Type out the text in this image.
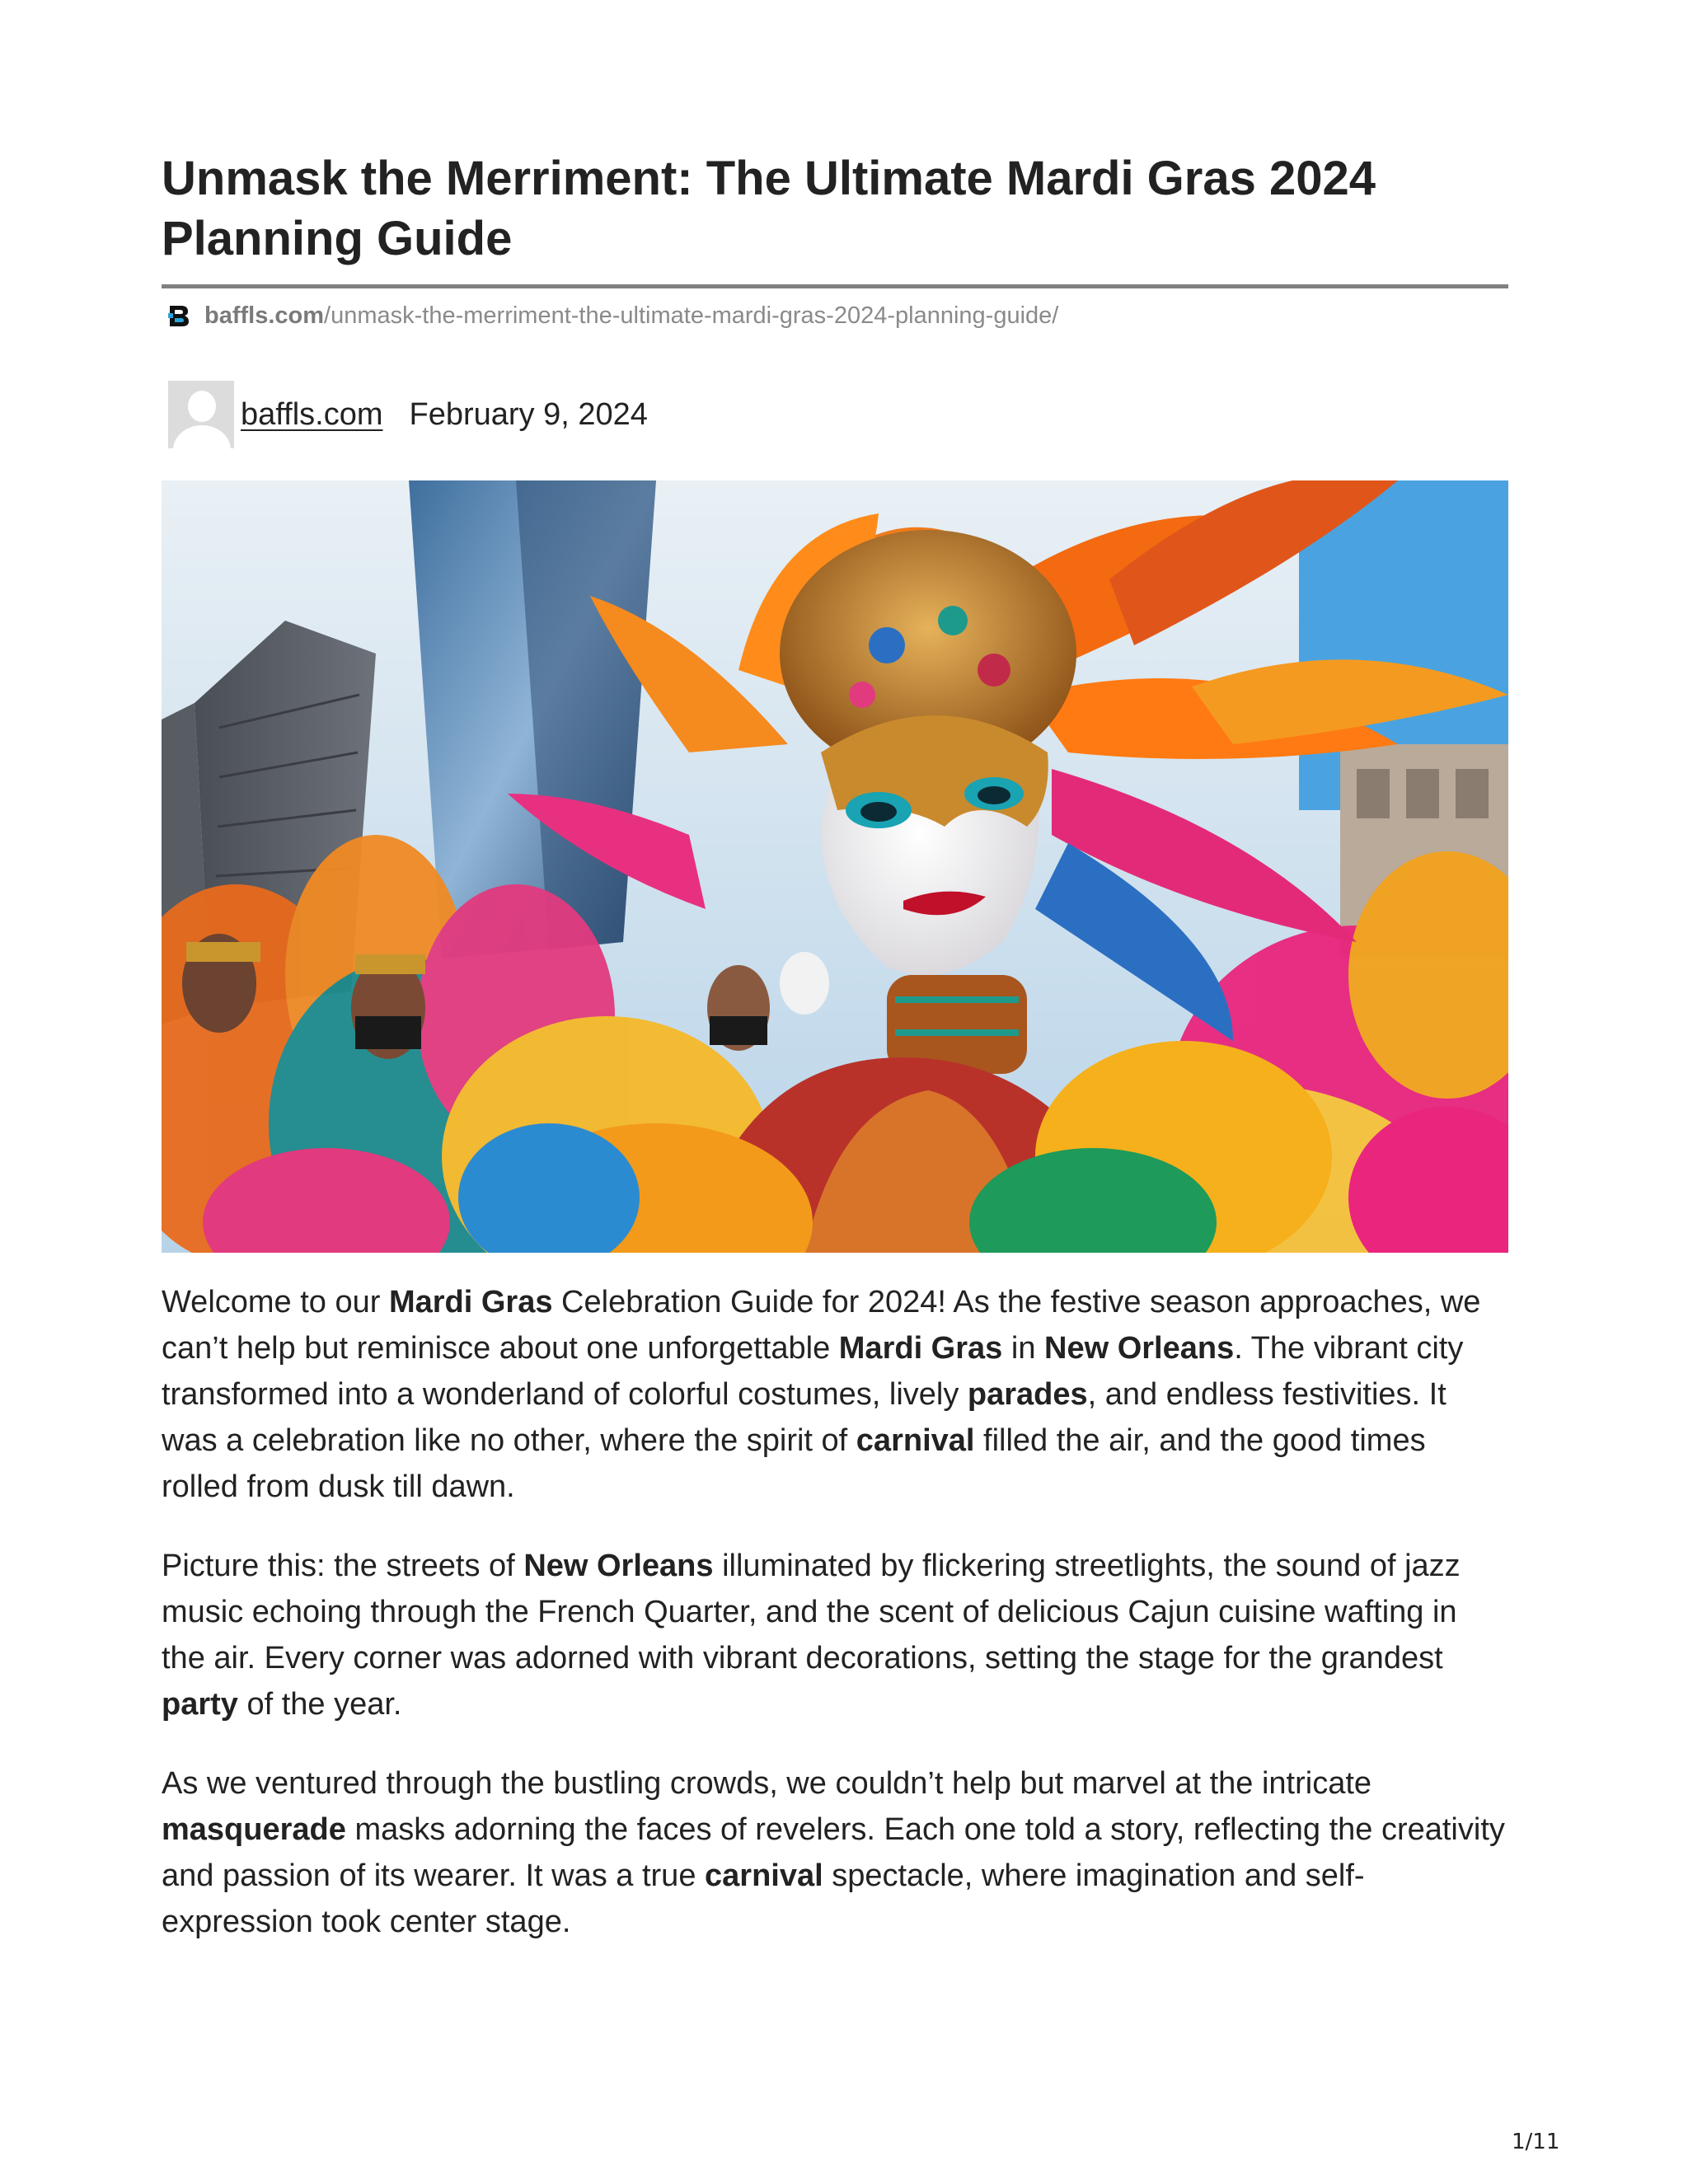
Unmask the Merriment: The Ultimate Mardi Gras 2024 Planning Guide
baffls.com /unmask-the-merriment-the-ultimate-mardi-gras-2024-planning-guide/
baffls.com February 9, 2024

Welcome to our Mardi Gras Celebration Guide for 2024! As the festive season approaches, we can’t help but reminisce about one unforgettable Mardi Gras in New Orleans. The vibrant city transformed into a wonderland of colorful costumes, lively parades, and endless festivities. It was a celebration like no other, where the spirit of carnival filled the air, and the good times rolled from dusk till dawn.

Picture this: the streets of New Orleans illuminated by flickering streetlights, the sound of jazz music echoing through the French Quarter, and the scent of delicious Cajun cuisine wafting in the air. Every corner was adorned with vibrant decorations, setting the stage for the grandest party of the year.

As we ventured through the bustling crowds, we couldn’t help but marvel at the intricate masquerade masks adorning the faces of revelers. Each one told a story, reflecting the creativity and passion of its wearer. It was a true carnival spectacle, where imagination and self-expression took center stage.

1/11
